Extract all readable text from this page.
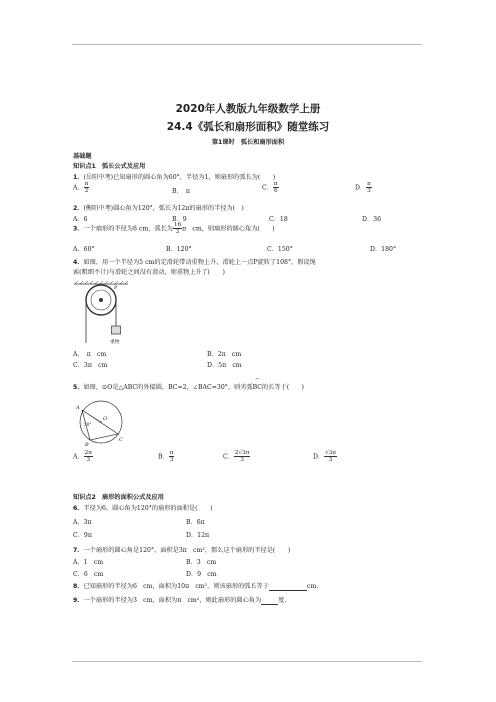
2020年人教版九年级数学上册
24.4《弧长和扇形面积》随堂练习
第1课时　弧长和扇形面积
基础题
知识点1　弧长公式及应用
1．(岳阳中考)已知扇形的圆心角为60°，半径为1，则扇形的弧长为(　　)
A． $\frac{\pi}{2}$	B．　π
C． $\frac{\pi}{6}$	D． $\frac{\pi}{3}$
2．(衡阳中考)圆心角为120°，弧长为12π的扇形的半径为(　)
A．6	B．9	C．18	D．36
3．一个扇形的半径为8 cm，弧长为 $\frac{16}{3}$ π　cm，则扇形的圆心角为(　　)
A．60°	B．120°	C．150°	D．180°
4．如图，用一个半径为5 cm的定滑轮带动重物上升，滑轮上一点P旋转了108°，假设绳
索(粗细不计)与滑轮之间没有滑动，则重物上升了(　　)
P
重物
A．　π　cm	B．2π　cm
C．3π　cm	D．5π　cm
5．如图，⊙O是△ABC的外接圆，BC=2，∠BAC=30°，则劣弧⌒ BC的长等于(　　)
A
O
B
C
30°
A． $\frac{2\pi}{3}$	B． $\frac{\pi}{3}$	C． $\frac{2√3\pi}{3}$	D． $\frac{√3\pi}{3}$
知识点2　扇形的面积公式及应用
6．半径为6，圆心角为120°的扇形的面积是(　　)
A．3π	B．6π
C．9π	D．12π
7．一个扇形的圆心角是120°，面积是3π　cm²，那么这个扇形的半径是(　　)
A．1　cm	B．3　cm
C．6　cm	D．9　cm
8．已知扇形的半径为6　cm，面积为10π　cm²，则该扇形的弧长等于	cm.
9．一个扇形的半径为3　cm，面积为π　cm²，则此扇形的圆心角为	度.
